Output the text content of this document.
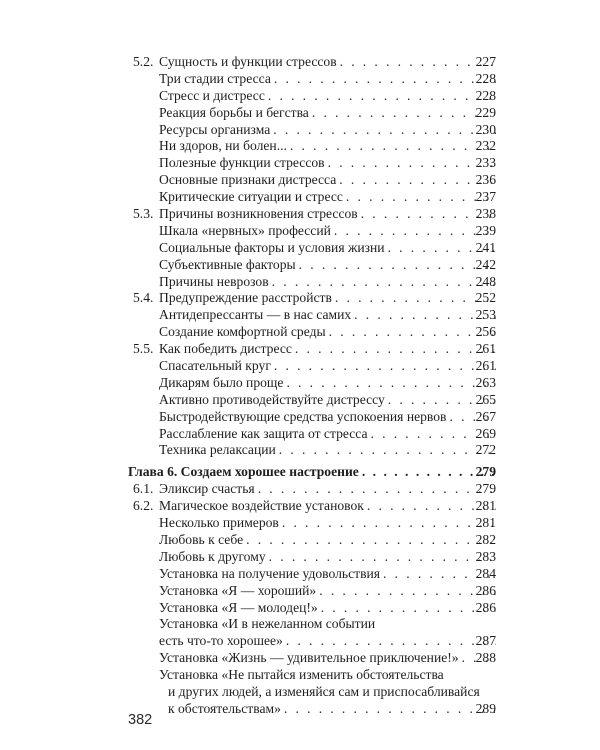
5.2. Сущность и функции стрессов . . .	227
Три стадии стресса . . .	228
Стресс и дистресс . . .	228
Реакция борьбы и бегства . . .	229
Ресурсы организма . . .	230
Ни здоров, ни болен... . . .	232
Полезные функции стрессов . . .	233
Основные признаки дистресса . . .	236
Критические ситуации и стресс . . .	237
5.3. Причины возникновения стрессов . . .	238
Шкала «нервных» профессий . . .	239
Социальные факторы и условия жизни . . .	241
Субъективные факторы . . .	242
Причины неврозов . . .	248
5.4. Предупреждение расстройств . . .	252
Антидепрессанты — в нас самих . . .	253
Создание комфортной среды . . .	256
5.5. Как победить дистресс . . .	261
Спасательный круг . . .	261
Дикарям было проще . . .	263
Активно противодействуйте дистрессу . . .	265
Быстродействующие средства успокоения нервов . . .	267
Расслабление как защита от стресса . . .	269
Техника релаксации . . .	272
Глава 6. Создаем хорошее настроение . . .	279
6.1. Эликсир счастья . . .	279
6.2. Магическое воздействие установок . . .	281
Несколько примеров . . .	281
Любовь к себе . . .	282
Любовь к другому . . .	283
Установка на получение удовольствия . . .	284
Установка «Я — хороший» . . .	286
Установка «Я — молодец!» . . .	286
Установка «И в нежеланном событии
есть что-то хорошее» . . .	287
Установка «Жизнь — удивительное приключение!» . . .	288
Установка «Не пытайся изменить обстоятельства
и других людей, а изменяйся сам и приспосабливайся
к обстоятельствам» . . .	289
382
